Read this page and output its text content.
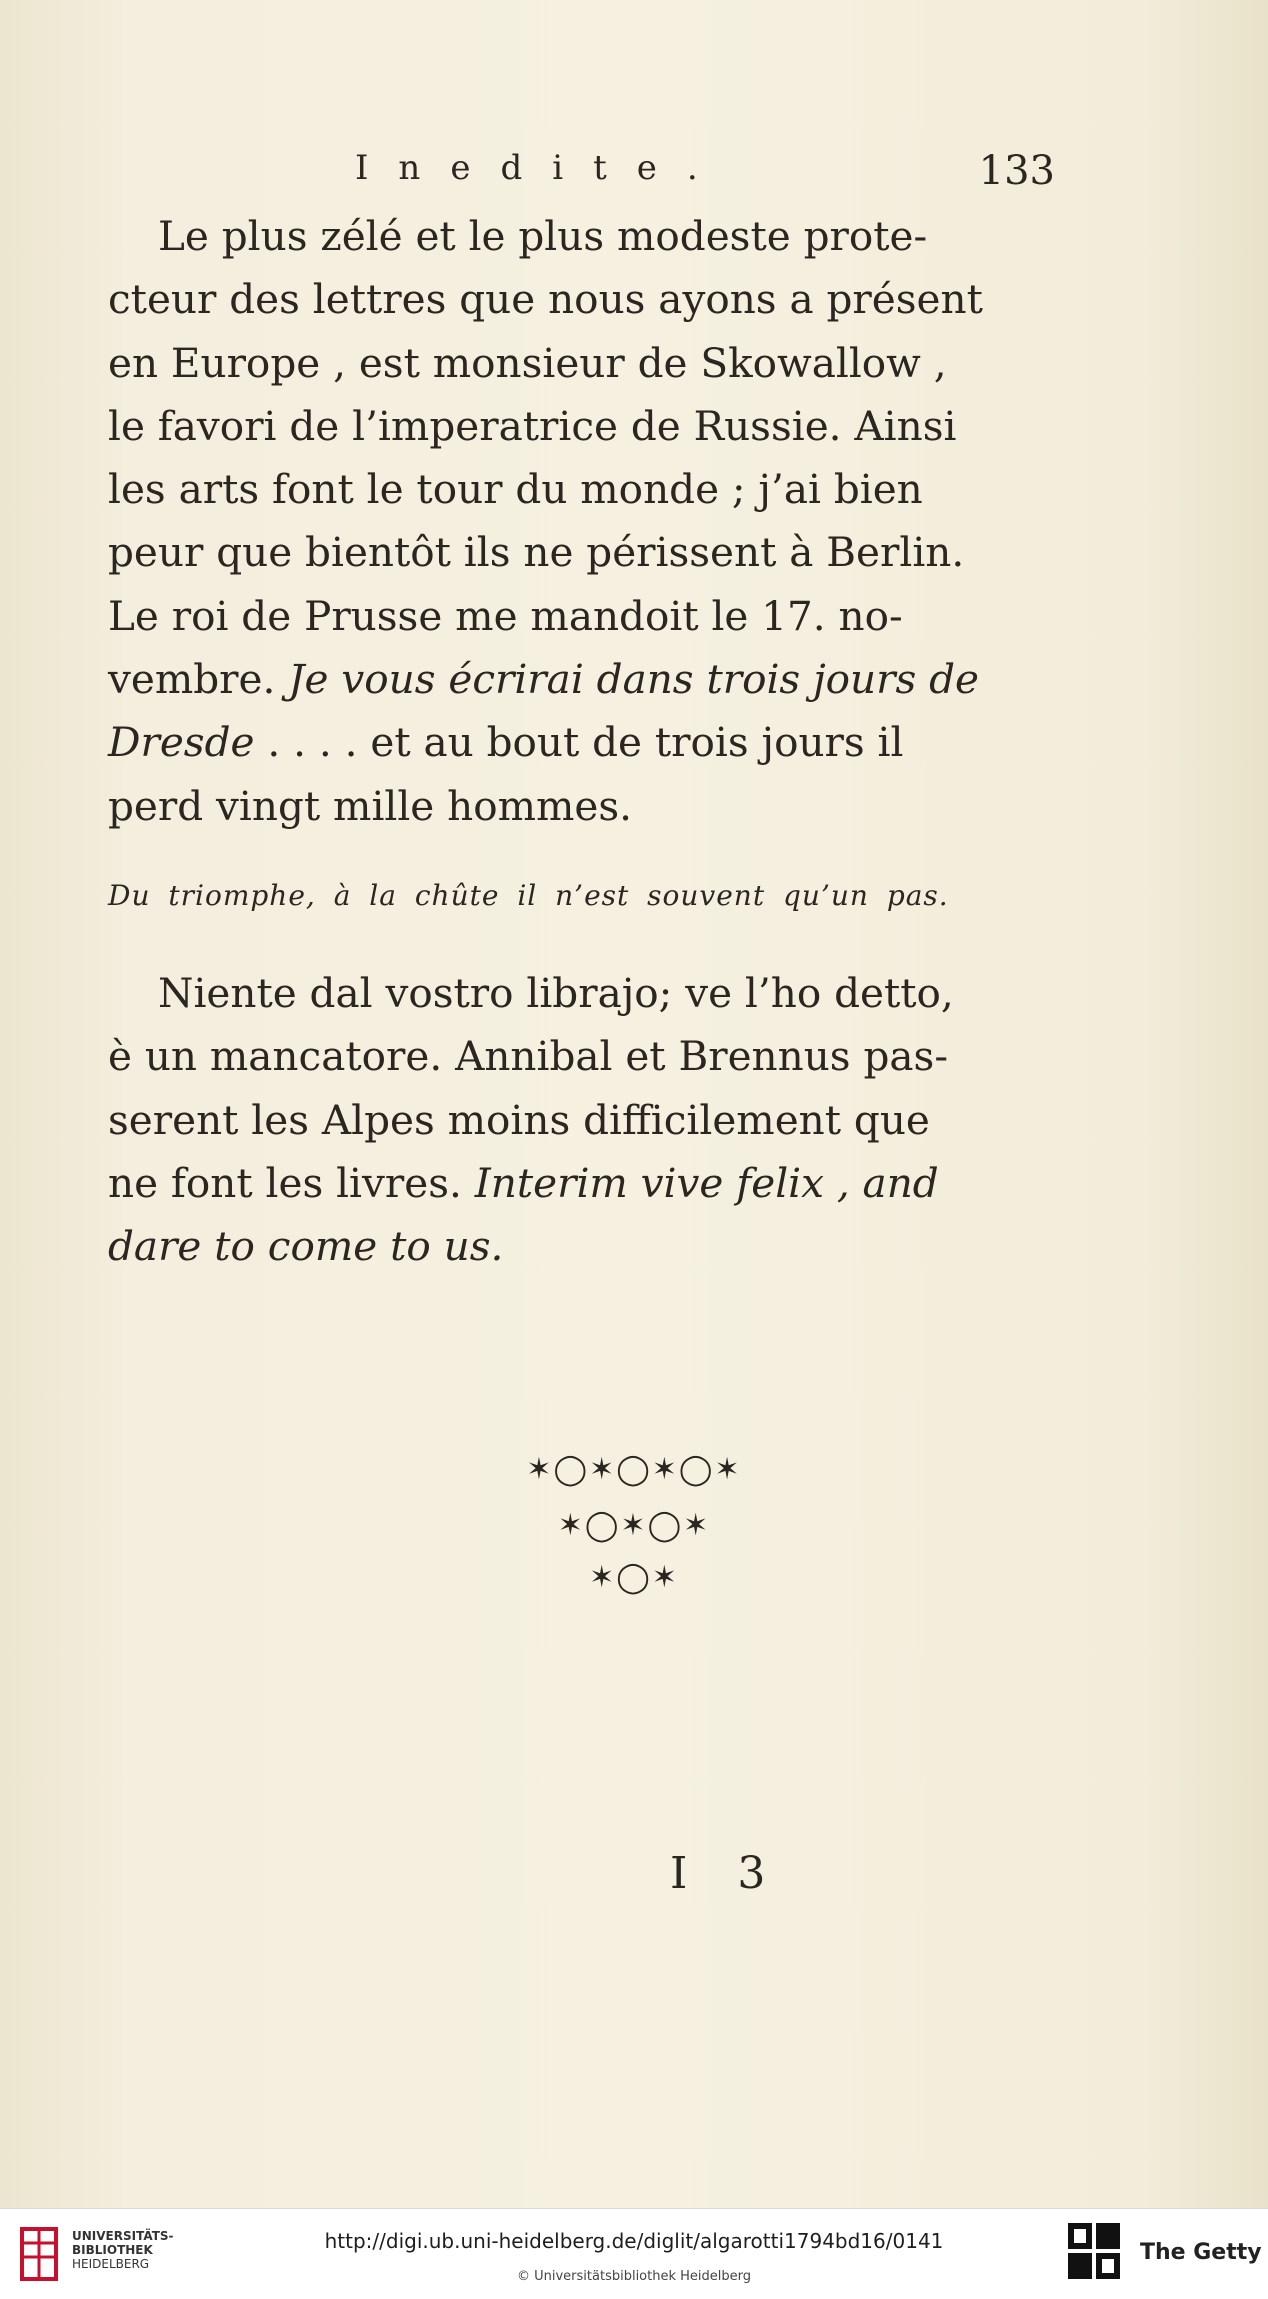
Inedite.	133
Le plus zélé et le plus modeste prote-
cteur des lettres que nous ayons a présent
en Europe , est monsieur de Skowallow ,
le favori de l’imperatrice de Russie. Ainsi
les arts font le tour du monde ; j’ai bien
peur que bientôt ils ne périssent à Berlin.
Le roi de Prusse me mandoit le 17. no-
vembre. Je vous écrirai dans trois jours de
Dresde . . . . et au bout de trois jours il
perd vingt mille hommes.
Du triomphe, à la chûte il n’est souvent qu’un pas.
Niente dal vostro librajo; ve l’ho detto,
è un mancatore. Annibal et Brennus pas-
serent les Alpes moins difficilement que
ne font les livres. Interim vive felix , and
dare to come to us.
✶◯✶◯✶◯✶
✶◯✶◯✶
✶◯✶
I 3
UNIVERSITÄTS-
BIBLIOTHEK
HEIDELBERG
http://digi.ub.uni-heidelberg.de/diglit/algarotti1794bd16/0141
© Universitätsbibliothek Heidelberg
The Getty
